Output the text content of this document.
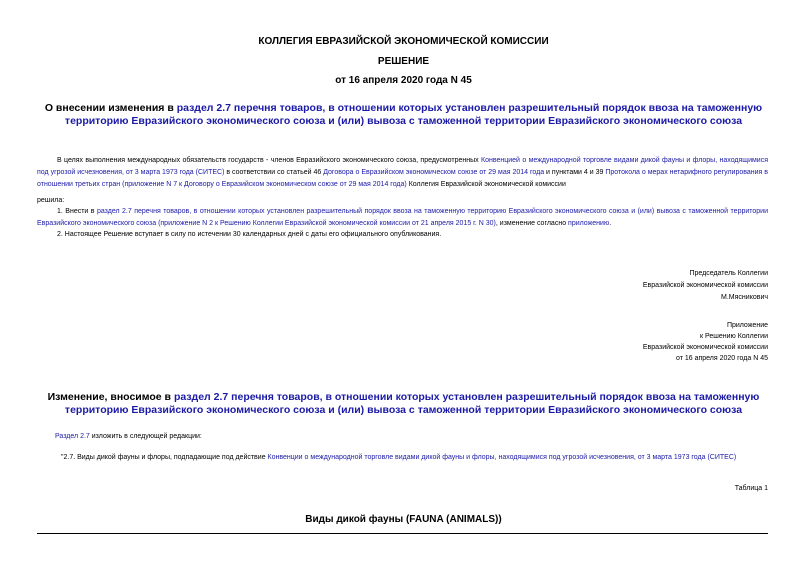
КОЛЛЕГИЯ ЕВРАЗИЙСКОЙ ЭКОНОМИЧЕСКОЙ КОМИССИИ
РЕШЕНИЕ
от 16 апреля 2020 года N 45
О внесении изменения в раздел 2.7 перечня товаров, в отношении которых установлен разрешительный порядок ввоза на таможенную территорию Евразийского экономического союза и (или) вывоза с таможенной территории Евразийского экономического союза
В целях выполнения международных обязательств государств - членов Евразийского экономического союза, предусмотренных Конвенцией о международной торговле видами дикой фауны и флоры, находящимися под угрозой исчезновения, от 3 марта 1973 года (СИТЕС) в соответствии со статьей 46 Договора о Евразийском экономическом союзе от 29 мая 2014 года и пунктами 4 и 39 Протокола о мерах нетарифного регулирования в отношении третьих стран (приложение N 7 к Договору о Евразийском экономическом союзе от 29 мая 2014 года) Коллегия Евразийской экономической комиссии
решила:
1. Внести в раздел 2.7 перечня товаров, в отношении которых установлен разрешительный порядок ввоза на таможенную территорию Евразийского экономического союза и (или) вывоза с таможенной территории Евразийского экономического союза (приложение N 2 к Решению Коллегии Евразийской экономической комиссии от 21 апреля 2015 г. N 30), изменение согласно приложению.
2. Настоящее Решение вступает в силу по истечении 30 календарных дней с даты его официального опубликования.
Председатель Коллегии
Евразийской экономической комиссии
М.Мясникович
Приложение
к Решению Коллегии
Евразийской экономической комиссии
от 16 апреля 2020 года N 45
Изменение, вносимое в раздел 2.7 перечня товаров, в отношении которых установлен разрешительный порядок ввоза на таможенную территорию Евразийского экономического союза и (или) вывоза с таможенной территории Евразийского экономического союза
Раздел 2.7 изложить в следующей редакции:
"2.7. Виды дикой фауны и флоры, подпадающие под действие Конвенции о международной торговле видами дикой фауны и флоры, находящимися под угрозой исчезновения, от 3 марта 1973 года (СИТЕС)
Таблица 1
Виды дикой фауны (FAUNA (ANIMALS))
